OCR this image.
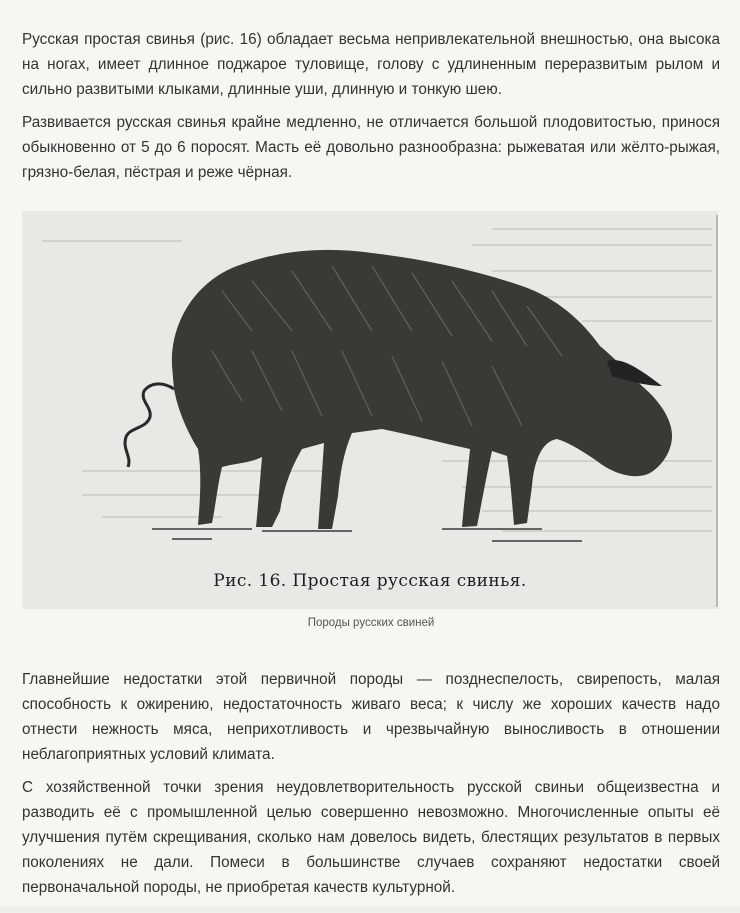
Русская простая свинья (рис. 16) обладает весьма непривлекательной внешностью, она высока на ногах, имеет длинное поджарое туловище, голову с удлиненным переразвитым рылом и сильно развитыми клыками, длинные уши, длинную и тонкую шею.

Развивается русская свинья крайне медленно, не отличается большой плодовитостью, принося обыкновенно от 5 до 6 поросят. Масть её довольно разнообразна: рыжеватая или жёлто-рыжая, грязно-белая, пёстрая и реже чёрная.

Рис. 16. Простая русская свинья.
Породы русских свиней

Главнейшие недостатки этой первичной породы — позднеспелость, свирепость, малая способность к ожирению, недостаточность живаго веса; к числу же хороших качеств надо отнести нежность мяса, неприхотливость и чрезвычайную выносливость в отношении неблагоприятных условий климата.

С хозяйственной точки зрения неудовлетворительность русской свиньи общеизвестна и разводить её с промышленной целью совершенно невозможно. Многочисленные опыты её улучшения путём скрещивания, сколько нам довелось видеть, блестящих результатов в первых поколениях не дали. Помеси в большинстве случаев сохраняют недостатки своей первоначальной породы, не приобретая качеств культурной.
